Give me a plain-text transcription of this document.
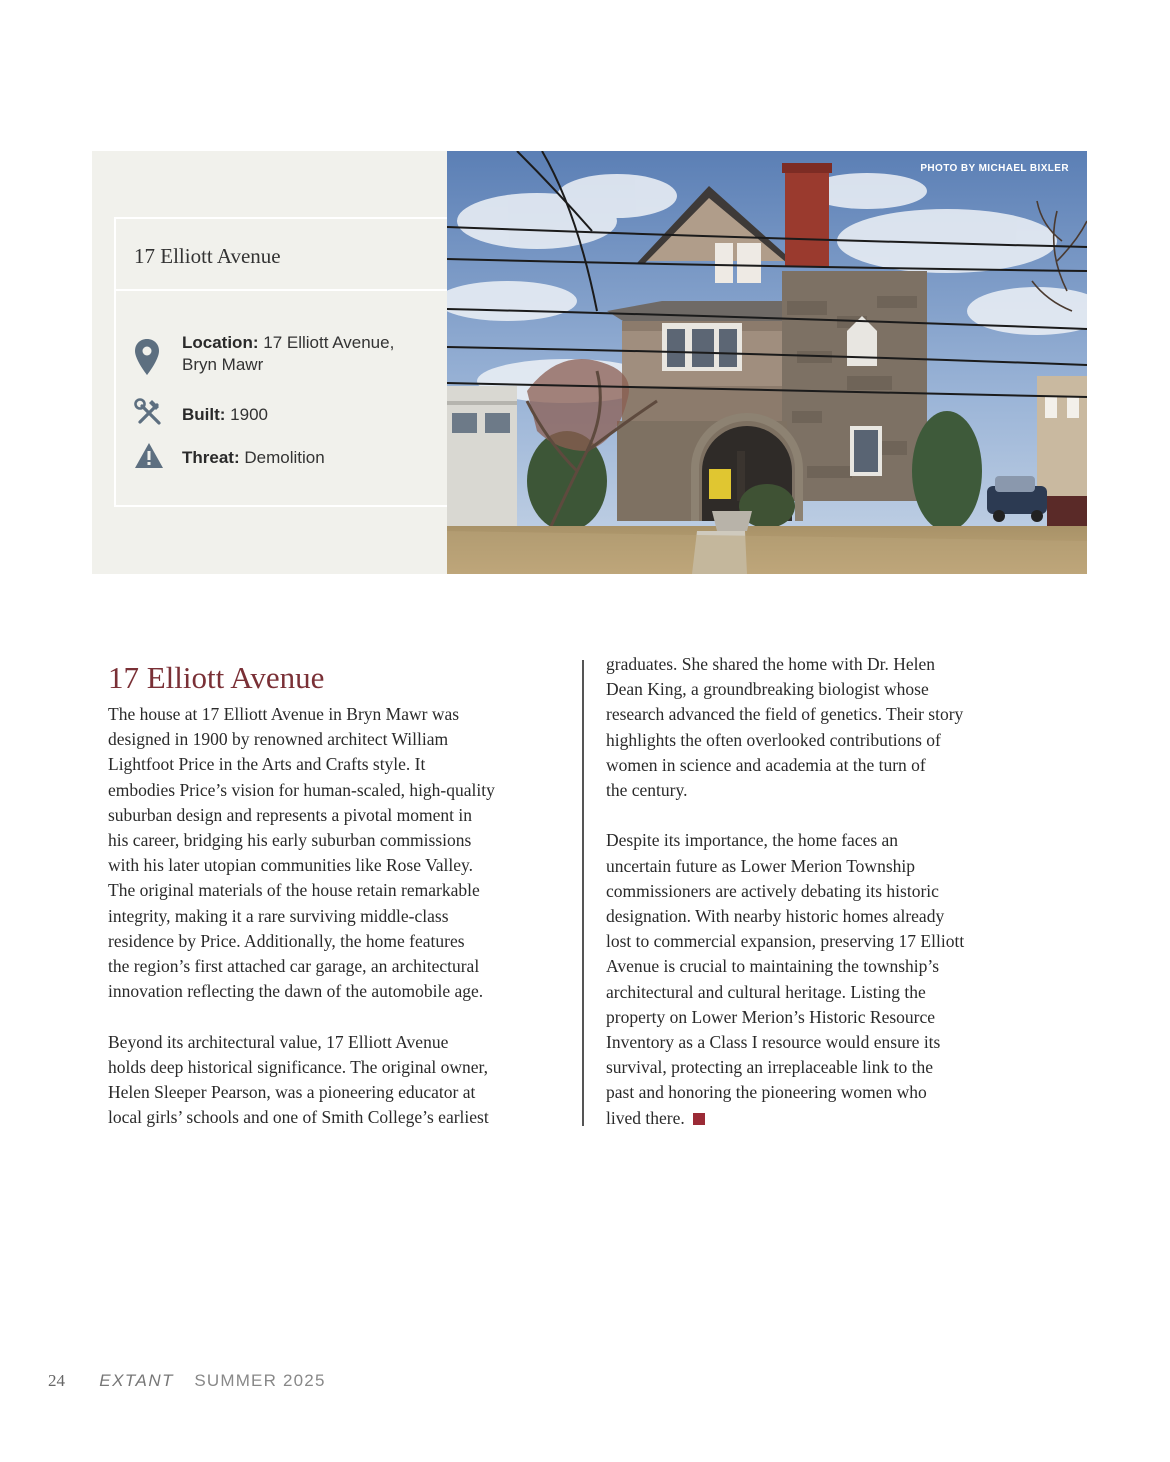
17 Elliott Avenue
Location: 17 Elliott Avenue,
Bryn Mawr
Built: 1900
Threat: Demolition
PHOTO BY MICHAEL BIXLER
17 Elliott Avenue

The house at 17 Elliott Avenue in Bryn Mawr was
designed in 1900 by renowned architect William
Lightfoot Price in the Arts and Crafts style. It
embodies Price’s vision for human-scaled, high-quality
suburban design and represents a pivotal moment in
his career, bridging his early suburban commissions
with his later utopian communities like Rose Valley.
The original materials of the house retain remarkable
integrity, making it a rare surviving middle-class
residence by Price. Additionally, the home features
the region’s first attached car garage, an architectural
innovation reflecting the dawn of the automobile age.

Beyond its architectural value, 17 Elliott Avenue
holds deep historical significance. The original owner,
Helen Sleeper Pearson, was a pioneering educator at
local girls’ schools and one of Smith College’s earliest

graduates. She shared the home with Dr. Helen
Dean King, a groundbreaking biologist whose
research advanced the field of genetics. Their story
highlights the often overlooked contributions of
women in science and academia at the turn of
the century.

Despite its importance, the home faces an
uncertain future as Lower Merion Township
commissioners are actively debating its historic
designation. With nearby historic homes already
lost to commercial expansion, preserving 17 Elliott
Avenue is crucial to maintaining the township’s
architectural and cultural heritage. Listing the
property on Lower Merion’s Historic Resource
Inventory as a Class I resource would ensure its
survival, protecting an irreplaceable link to the
past and honoring the pioneering women who
lived there.

24 EXTANT SUMMER 2025
